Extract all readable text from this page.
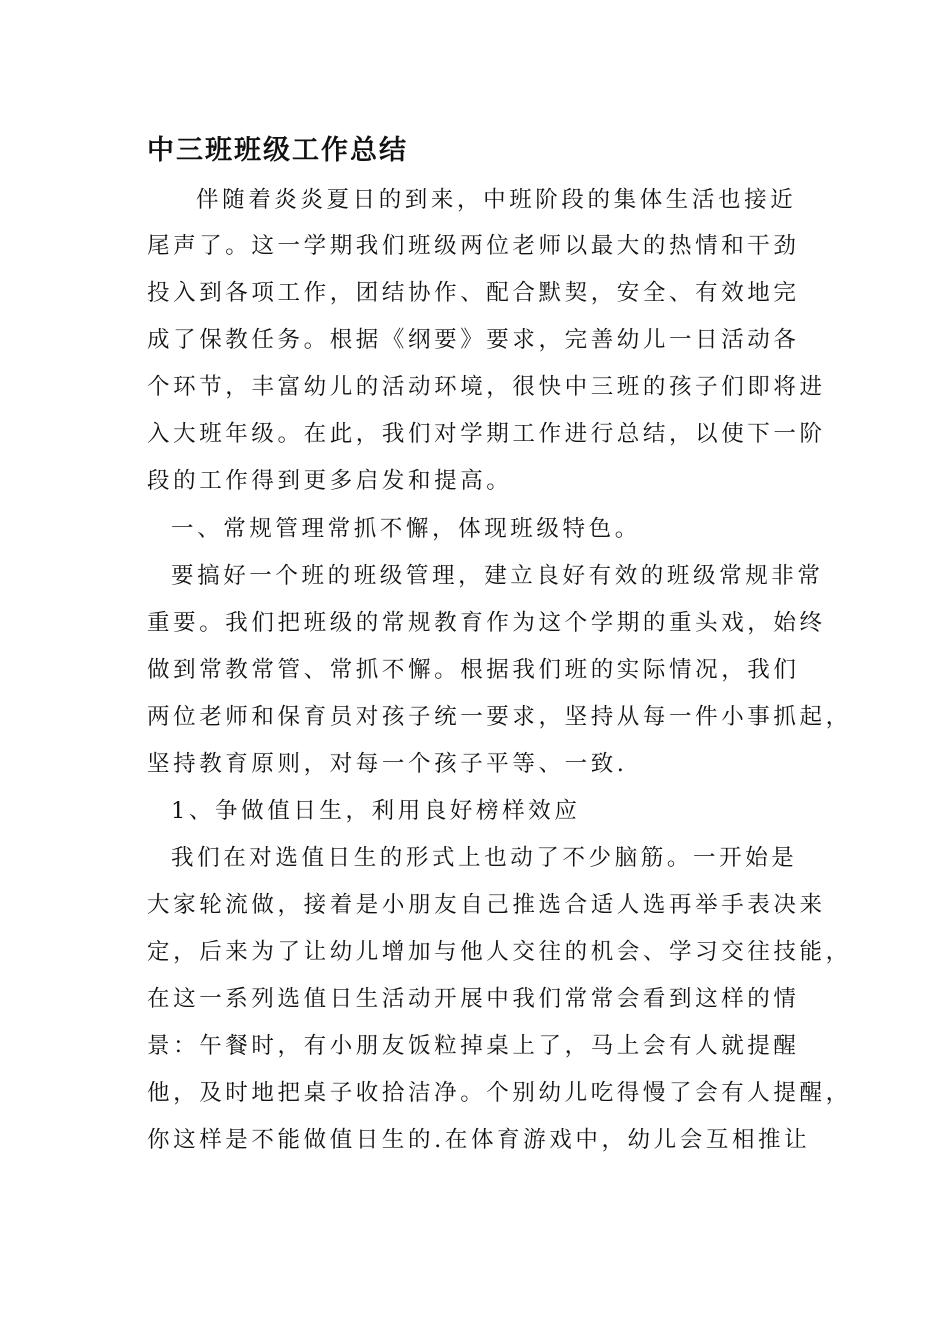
中三班班级工作总结
伴随着炎炎夏日的到来，中班阶段的集体生活也接近
尾声了。这一学期我们班级两位老师以最大的热情和干劲
投入到各项工作，团结协作、配合默契，安全、有效地完
成了保教任务。根据《纲要》要求，完善幼儿一日活动各
个环节，丰富幼儿的活动环境，很快中三班的孩子们即将进
入大班年级。在此，我们对学期工作进行总结，以使下一阶
段的工作得到更多启发和提高。
一、常规管理常抓不懈，体现班级特色。
要搞好一个班的班级管理，建立良好有效的班级常规非常
重要。我们把班级的常规教育作为这个学期的重头戏，始终
做到常教常管、常抓不懈。根据我们班的实际情况，我们
两位老师和保育员对孩子统一要求，坚持从每一件小事抓起，
坚持教育原则，对每一个孩子平等、一致.
1、争做值日生，利用良好榜样效应
我们在对选值日生的形式上也动了不少脑筋。一开始是
大家轮流做，接着是小朋友自己推选合适人选再举手表决来
定，后来为了让幼儿增加与他人交往的机会、学习交往技能，
在这一系列选值日生活动开展中我们常常会看到这样的情
景：午餐时，有小朋友饭粒掉桌上了，马上会有人就提醒
他，及时地把桌子收拾洁净。个别幼儿吃得慢了会有人提醒，
你这样是不能做值日生的.在体育游戏中，幼儿会互相推让
